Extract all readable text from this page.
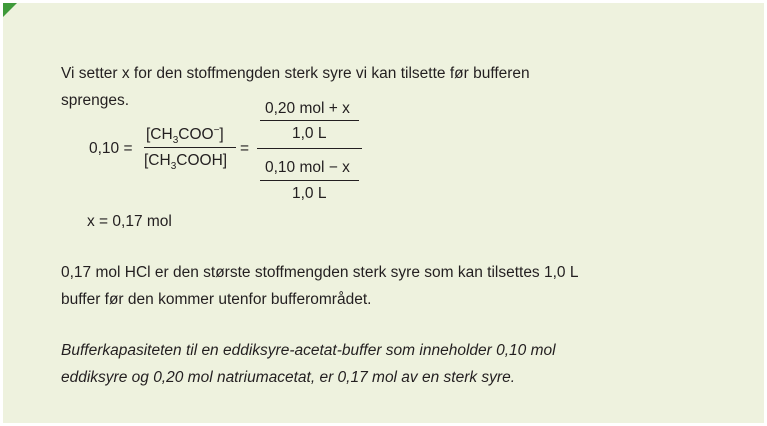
Vi setter x for den stoffmengden sterk syre vi kan tilsette før bufferen
sprenges.
0,10 =
$[CH_3COO^-]$
$[CH_3COOH]$
=
0,20 mol + x
1,0 L
0,10 mol − x
1,0 L
x = 0,17 mol
0,17 mol HCl er den største stoffmengden sterk syre som kan tilsettes 1,0 L
buffer før den kommer utenfor bufferområdet.
Bufferkapasiteten til en eddiksyre-acetat-buffer som inneholder 0,10 mol
eddiksyre og 0,20 mol natriumacetat, er 0,17 mol av en sterk syre.
